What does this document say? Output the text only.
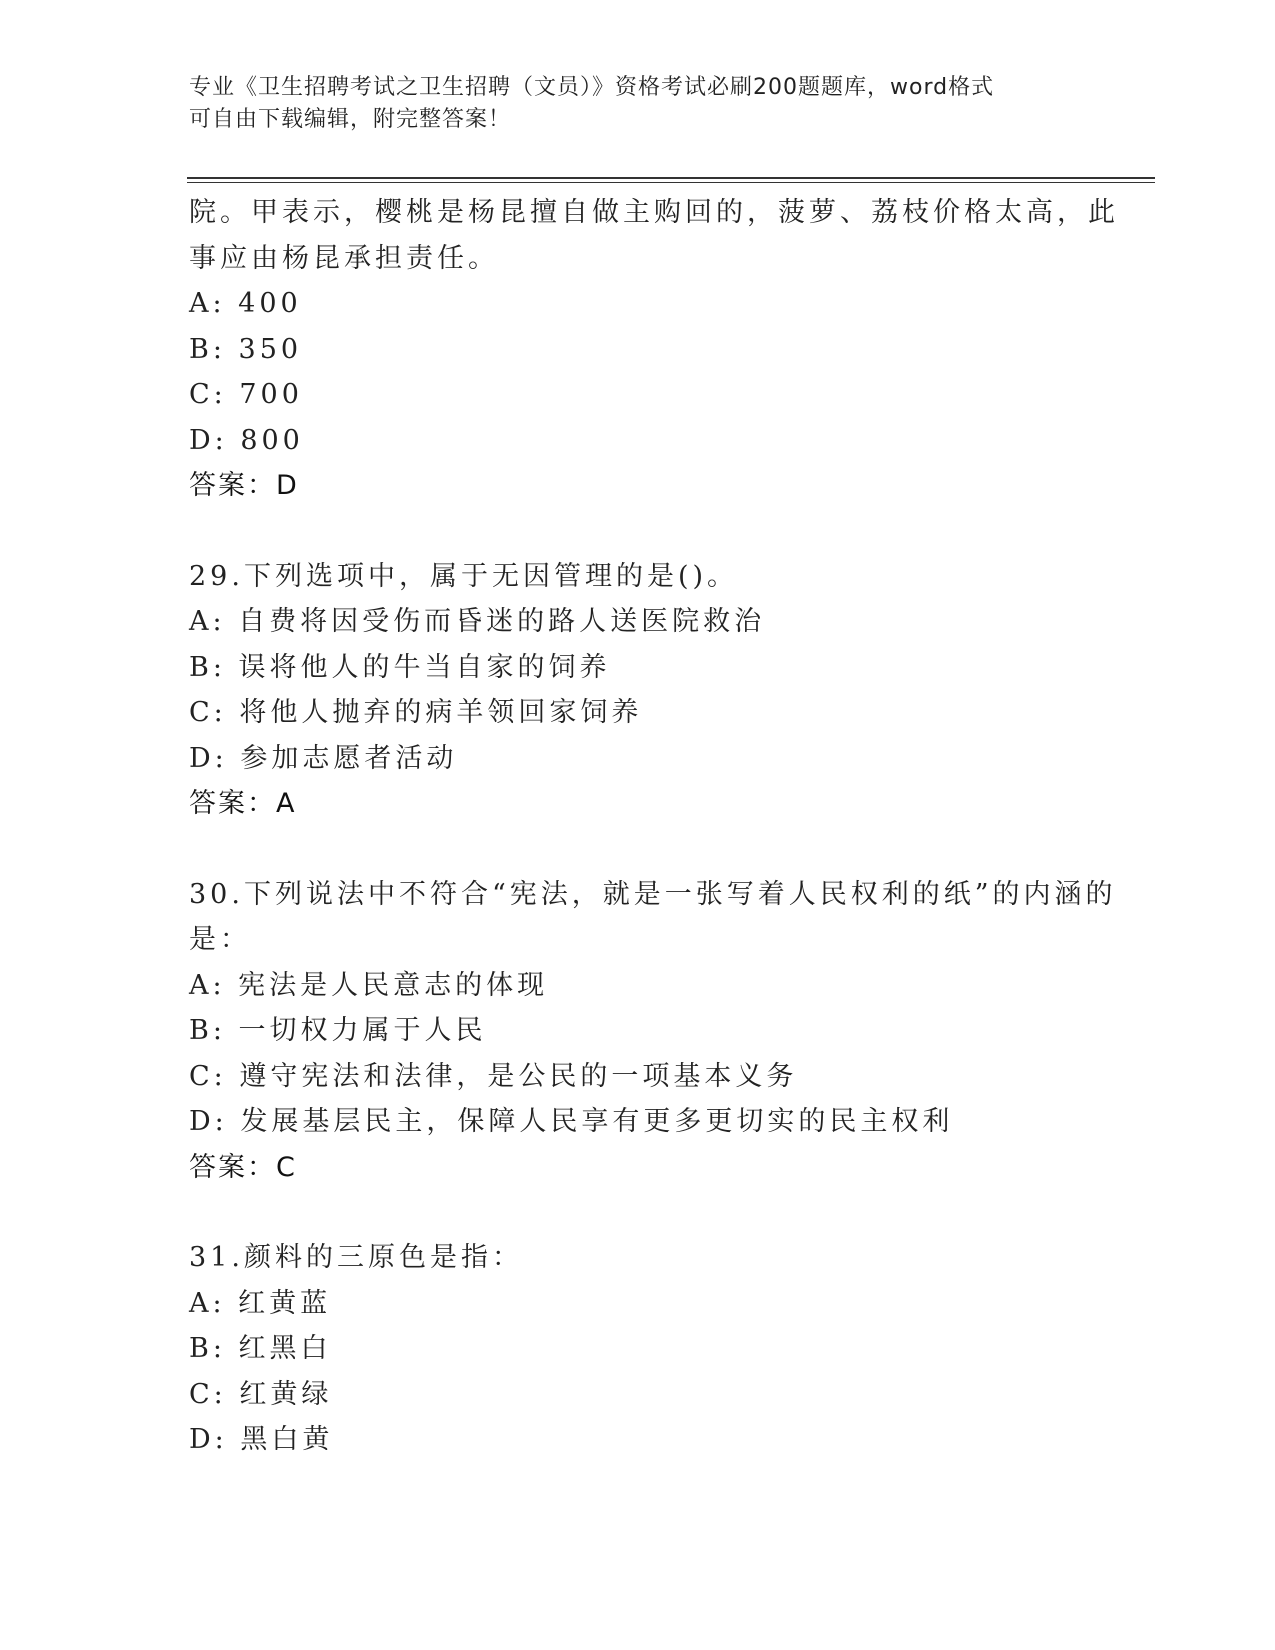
专业《卫生招聘考试之卫生招聘（文员）》资格考试必刷200题题库，word格式
可自由下载编辑，附完整答案！
院。甲表示，樱桃是杨昆擅自做主购回的，菠萝、荔枝价格太高，此
事应由杨昆承担责任。
A: 400
B: 350
C: 700
D: 800
答案：D
29.下列选项中，属于无因管理的是()。
A: 自费将因受伤而昏迷的路人送医院救治
B: 误将他人的牛当自家的饲养
C: 将他人抛弃的病羊领回家饲养
D: 参加志愿者活动
答案：A
30.下列说法中不符合“宪法，就是一张写着人民权利的纸”的内涵的
是：
A: 宪法是人民意志的体现
B: 一切权力属于人民
C: 遵守宪法和法律，是公民的一项基本义务
D: 发展基层民主，保障人民享有更多更切实的民主权利
答案：C
31.颜料的三原色是指：
A: 红黄蓝
B: 红黑白
C: 红黄绿
D: 黑白黄
